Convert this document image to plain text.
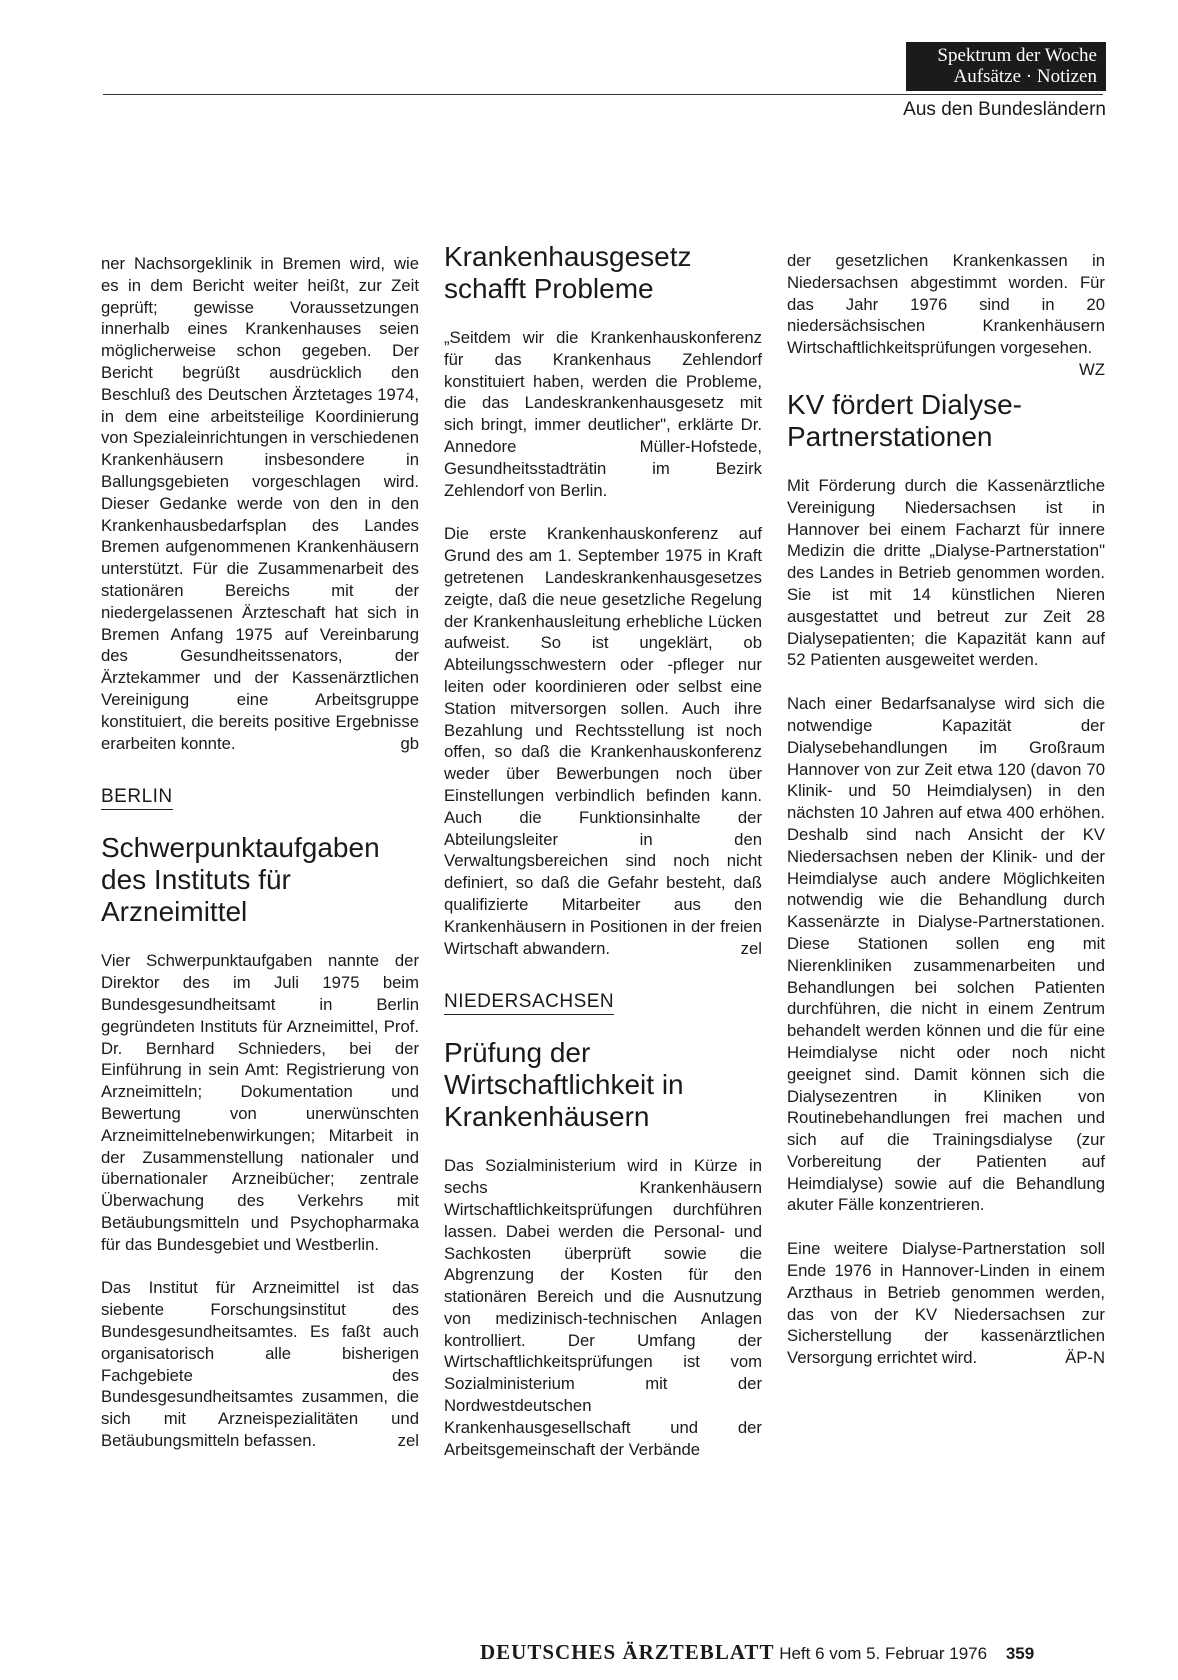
Spektrum der Woche
Aufsätze · Notizen
Aus den Bundesländern

ner Nachsorgeklinik in Bremen wird, wie es in dem Bericht weiter heißt, zur Zeit geprüft; gewisse Voraussetzungen innerhalb eines Krankenhauses seien möglicherweise schon gegeben. Der Bericht begrüßt ausdrücklich den Beschluß des Deutschen Ärztetages 1974, in dem eine arbeitsteilige Koordinierung von Spezialeinrichtungen in verschiedenen Krankenhäusern insbesondere in Ballungsgebieten vorgeschlagen wird. Dieser Gedanke werde von den in den Krankenhausbedarfsplan des Landes Bremen aufgenommenen Krankenhäusern unterstützt. Für die Zusammenarbeit des stationären Bereichs mit der niedergelassenen Ärzteschaft hat sich in Bremen Anfang 1975 auf Vereinbarung des Gesundheitssenators, der Ärztekammer und der Kassenärztlichen Vereinigung eine Arbeitsgruppe konstituiert, die bereits positive Ergebnisse erarbeiten konnte.	gb

BERLIN
Schwerpunktaufgaben des Instituts für Arzneimittel

Vier Schwerpunktaufgaben nannte der Direktor des im Juli 1975 beim Bundesgesundheitsamt in Berlin gegründeten Instituts für Arzneimittel, Prof. Dr. Bernhard Schnieders, bei der Einführung in sein Amt: Registrierung von Arzneimitteln; Dokumentation und Bewertung von unerwünschten Arzneimittelnebenwirkungen; Mitarbeit in der Zusammenstellung nationaler und übernationaler Arzneibücher; zentrale Überwachung des Verkehrs mit Betäubungsmitteln und Psychopharmaka für das Bundesgebiet und Westberlin.

Das Institut für Arzneimittel ist das siebente Forschungsinstitut des Bundesgesundheitsamtes. Es faßt auch organisatorisch alle bisherigen Fachgebiete des Bundesgesundheitsamtes zusammen, die sich mit Arzneispezialitäten und Betäubungsmitteln befassen.	zel

Krankenhausgesetz schafft Probleme

„Seitdem wir die Krankenhauskonferenz für das Krankenhaus Zehlendorf konstituiert haben, werden die Probleme, die das Landeskrankenhausgesetz mit sich bringt, immer deutlicher", erklärte Dr. Annedore Müller-Hofstede, Gesundheitsstadträtin im Bezirk Zehlendorf von Berlin.

Die erste Krankenhauskonferenz auf Grund des am 1. September 1975 in Kraft getretenen Landeskrankenhausgesetzes zeigte, daß die neue gesetzliche Regelung der Krankenhausleitung erhebliche Lücken aufweist. So ist ungeklärt, ob Abteilungsschwestern oder -pfleger nur leiten oder koordinieren oder selbst eine Station mitversorgen sollen. Auch ihre Bezahlung und Rechtsstellung ist noch offen, so daß die Krankenhauskonferenz weder über Bewerbungen noch über Einstellungen verbindlich befinden kann. Auch die Funktionsinhalte der Abteilungsleiter in den Verwaltungsbereichen sind noch nicht definiert, so daß die Gefahr besteht, daß qualifizierte Mitarbeiter aus den Krankenhäusern in Positionen in der freien Wirtschaft abwandern.	zel

NIEDERSACHSEN
Prüfung der Wirtschaftlichkeit in Krankenhäusern

Das Sozialministerium wird in Kürze in sechs Krankenhäusern Wirtschaftlichkeitsprüfungen durchführen lassen. Dabei werden die Personal- und Sachkosten überprüft sowie die Abgrenzung der Kosten für den stationären Bereich und die Ausnutzung von medizinisch-technischen Anlagen kontrolliert. Der Umfang der Wirtschaftlichkeitsprüfungen ist vom Sozialministerium mit der Nordwestdeutschen Krankenhausgesellschaft und der Arbeitsgemeinschaft der Verbände

der gesetzlichen Krankenkassen in Niedersachsen abgestimmt worden. Für das Jahr 1976 sind in 20 niedersächsischen Krankenhäusern Wirtschaftlichkeitsprüfungen vorgesehen.
WZ

KV fördert Dialyse-Partnerstationen

Mit Förderung durch die Kassenärztliche Vereinigung Niedersachsen ist in Hannover bei einem Facharzt für innere Medizin die dritte „Dialyse-Partnerstation" des Landes in Betrieb genommen worden. Sie ist mit 14 künstlichen Nieren ausgestattet und betreut zur Zeit 28 Dialysepatienten; die Kapazität kann auf 52 Patienten ausgeweitet werden.

Nach einer Bedarfsanalyse wird sich die notwendige Kapazität der Dialysebehandlungen im Großraum Hannover von zur Zeit etwa 120 (davon 70 Klinik- und 50 Heimdialysen) in den nächsten 10 Jahren auf etwa 400 erhöhen. Deshalb sind nach Ansicht der KV Niedersachsen neben der Klinik- und der Heimdialyse auch andere Möglichkeiten notwendig wie die Behandlung durch Kassenärzte in Dialyse-Partnerstationen. Diese Stationen sollen eng mit Nierenkliniken zusammenarbeiten und Behandlungen bei solchen Patienten durchführen, die nicht in einem Zentrum behandelt werden können und die für eine Heimdialyse nicht oder noch nicht geeignet sind. Damit können sich die Dialysezentren in Kliniken von Routinebehandlungen frei machen und sich auf die Trainingsdialyse (zur Vorbereitung der Patienten auf Heimdialyse) sowie auf die Behandlung akuter Fälle konzentrieren.

Eine weitere Dialyse-Partnerstation soll Ende 1976 in Hannover-Linden in einem Arzthaus in Betrieb genommen werden, das von der KV Niedersachsen zur Sicherstellung der kassenärztlichen Versorgung errichtet wird.	ÄP-N

DEUTSCHES ÄRZTEBLATT Heft 6 vom 5. Februar 1976 359
